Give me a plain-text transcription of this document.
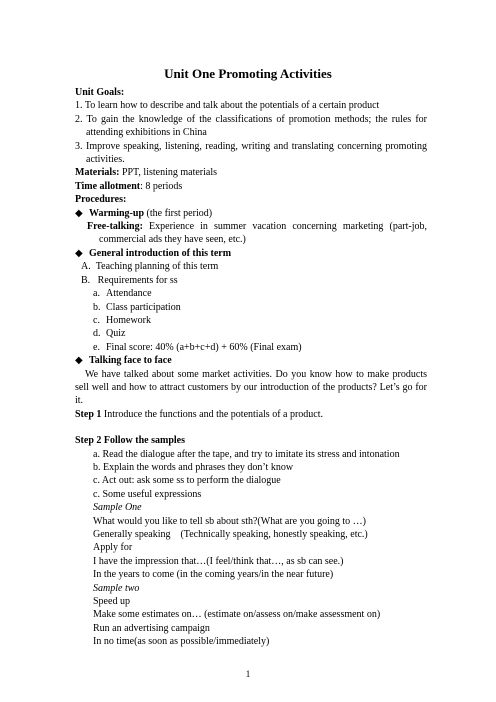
Unit One Promoting Activities

Unit Goals:

1. To learn how to describe and talk about the potentials of a certain product

2. To gain the knowledge of the classifications of promotion methods; the rules for attending exhibitions in China

3. Improve speaking, listening, reading, writing and translating concerning promoting activities.

Materials: PPT, listening materials

Time allotment: 8 periods

Procedures:

◆ Warming-up (the first period)

Free-talking: Experience in summer vacation concerning marketing (part-job, commercial ads they have seen, etc.)

◆ General introduction of this term

A. Teaching planning of this term

B. Requirements for ss

a. Attendance

b. Class participation

c. Homework

d. Quiz

e. Final score: 40% (a+b+c+d) + 60% (Final exam)

◆ Talking face to face

We have talked about some market activities. Do you know how to make products sell well and how to attract customers by our introduction of the products? Let’s go for it.

Step 1 Introduce the functions and the potentials of a product.

Step 2 Follow the samples

a. Read the dialogue after the tape, and try to imitate its stress and intonation

b. Explain the words and phrases they don’t know

c. Act out: ask some ss to perform the dialogue

c. Some useful expressions

Sample One

What would you like to tell sb about sth?(What are you going to …)

Generally speaking    (Technically speaking, honestly speaking, etc.)

Apply for

I have the impression that…(I feel/think that…, as sb can see.)

In the years to come (in the coming years/in the near future)

Sample two

Speed up

Make some estimates on… (estimate on/assess on/make assessment on)

Run an advertising campaign

In no time(as soon as possible/immediately)

1
